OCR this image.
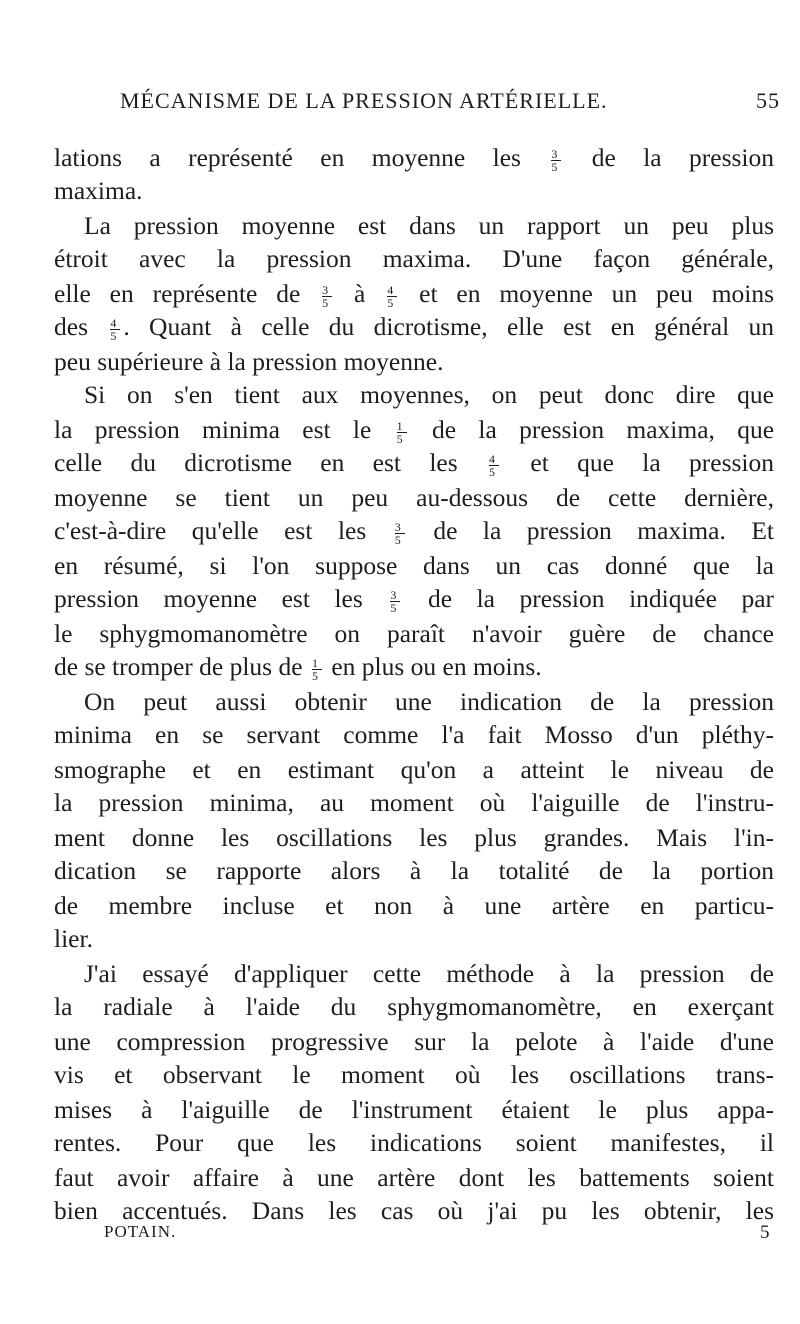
MÉCANISME DE LA PRESSION ARTÉRIELLE.	55
lations a représenté en moyenne les	$\frac{3}{5}$ de la pression
maxima.
La pression moyenne est dans un rapport un peu plus
étroit avec la pression maxima. D'une façon générale,
elle en représente de $\frac{3}{5}$ à $\frac{4}{5}$ et en moyenne un peu moins
des $\frac{4}{5}$ . Quant à celle du dicrotisme, elle est en général un
peu supérieure à la pression moyenne.
Si on s'en tient aux moyennes, on peut donc dire que
la pression minima est le $\frac{1}{5}$ de la pression maxima, que
celle du dicrotisme en est les	$\frac{4}{5}$ et que la pression
moyenne se tient un peu au-dessous de cette dernière,
c'est-à-dire qu'elle est les $\frac{3}{5}$ de la pression maxima. Et
en résumé, si l'on suppose dans un cas donné que la
pression moyenne est les $\frac{3}{5}$ de la pression indiquée par
le sphygmomanomètre on paraît n'avoir guère de chance
de se tromper de plus de $\frac{1}{5}$ en plus ou en moins.
On peut aussi obtenir une indication de la pression
minima en se servant comme l'a fait Mosso d'un pléthy-
smographe et en estimant qu'on a atteint le niveau de
la pression minima, au moment où l'aiguille de l'instru-
ment donne les oscillations les plus grandes. Mais l'in-
dication se rapporte alors à la totalité de la portion
de membre incluse et non à une artère en particu-
lier.
J'ai essayé d'appliquer cette méthode à la pression de
la radiale à l'aide du sphygmomanomètre, en exerçant
une compression progressive sur la pelote à l'aide d'une
vis et observant le moment où les oscillations trans-
mises à l'aiguille de l'instrument étaient le plus appa-
rentes. Pour que les indications soient manifestes, il
faut avoir affaire à une artère dont les battements soient
bien accentués. Dans les cas où j'ai pu les obtenir, les
POTAIN.	5
